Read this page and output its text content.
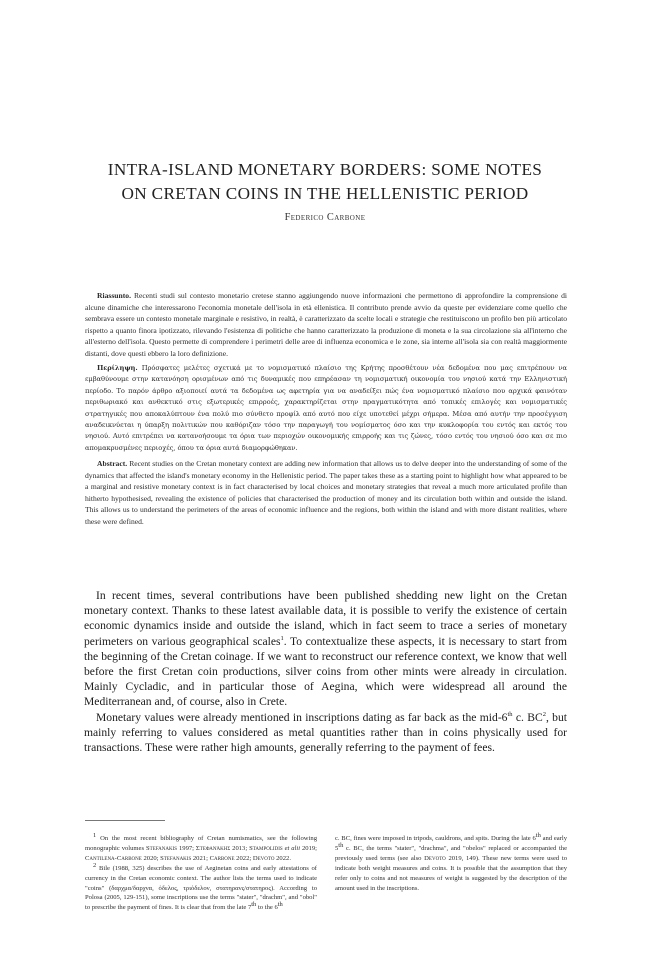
INTRA-ISLAND MONETARY BORDERS: SOME NOTES
ON CRETAN COINS IN THE HELLENISTIC PERIOD
Federico Carbone

Riassunto. Recenti studi sul contesto monetario cretese stanno aggiungendo nuove informazioni che permettono di approfondire la comprensione di alcune dinamiche che interessarono l'economia monetale dell'isola in età ellenistica. Il contributo prende avvio da queste per evidenziare come quello che sembrava essere un contesto monetale marginale e resistivo, in realtà, è caratterizzato da scelte locali e strategie che restituiscono un profilo ben più articolato rispetto a quanto finora ipotizzato, rilevando l'esistenza di politiche che hanno caratterizzato la produzione di moneta e la sua circolazione sia all'interno che all'esterno dell'isola. Questo permette di comprendere i perimetri delle aree di influenza economica e le zone, sia interne all'isola sia con realtà maggiormente distanti, dove questi ebbero la loro definizione.

Περίληψη. Πρόσφατες μελέτες σχετικά με το νομισματικό πλαίσιο της Κρήτης προσθέτουν νέα δεδομένα που μας επιτρέπουν να εμβαθύνουμε στην κατανόηση ορισμένων από τις δυναμικές που επηρέασαν τη νομισματική οικονομία του νησιού κατά την Ελληνιστική περίοδο. Το παρόν άρθρο αξιοποιεί αυτά τα δεδομένα ως αφετηρία για να αναδείξει πώς ένα νομισματικό πλαίσιο που αρχικά φαινόταν περιθωριακό και ανθεκτικό στις εξωτερικές επιρροές, χαρακτηρίζεται στην πραγματικότητα από τοπικές επιλογές και νομισματικές στρατηγικές που αποκαλύπτουν ένα πολύ πιο σύνθετο προφίλ από αυτό που είχε υποτεθεί μέχρι σήμερα. Μέσα από αυτήν την προσέγγιση αναδεικνύεται η ύπαρξη πολιτικών που καθόριζαν τόσο την παραγωγή του νομίσματος όσο και την κυκλοφορία του εντός και εκτός του νησιού. Αυτό επιτρέπει να κατανοήσουμε τα όρια των περιοχών οικονομικής επιρροής και τις ζώνες, τόσο εντός του νησιού όσο και σε πιο απομακρυσμένες περιοχές, όπου τα όρια αυτά διαμορφώθηκαν.

Abstract. Recent studies on the Cretan monetary context are adding new information that allows us to delve deeper into the understanding of some of the dynamics that affected the island's monetary economy in the Hellenistic period. The paper takes these as a starting point to highlight how what appeared to be a marginal and resistive monetary context is in fact characterised by local choices and monetary strategies that reveal a much more articulated profile than hitherto hypothesised, revealing the existence of policies that characterised the production of money and its circulation both within and outside the island. This allows us to understand the perimeters of the areas of economic influence and the regions, both within the island and with more distant realities, where these were defined.

In recent times, several contributions have been published shedding new light on the Cretan monetary context. Thanks to these latest available data, it is possible to verify the existence of certain economic dynamics inside and outside the island, which in fact seem to trace a series of monetary perimeters on various geographical scales$^1$. To contextualize these aspects, it is necessary to start from the beginning of the Cretan coinage. If we want to reconstruct our reference context, we know that well before the first Cretan coin productions, silver coins from other mints were already in circulation. Mainly Cycladic, and in particular those of Aegina, which were widespread all around the Mediterranean and, of course, also in Crete.

Monetary values were already mentioned in inscriptions dating as far back as the mid-6th c. $BC^2$, but mainly referring to values considered as metal quantities rather than in coins physically used for transactions. These were rather high amounts, generally referring to the payment of fees.

$^1$ On the most recent bibliography of Cretan numismatics, see the following monographic volumes Stefanakis 1997; Στεφανάκης 2013; Stampolidis et alii 2019; Cantilena-Carbone 2020; Stefanakis 2021; Carbone 2022; Devoto 2022.

$^2$ Bile (1988, 325) describes the use of Aeginetan coins and early attestations of currency in the Cretan economic context. The author lists the terms used to indicate "coins" (δαρχμα/δαρχνα, ὀδελος, τριὀδελον, στατηρανς/στατηρος). According to Polosa (2005, 129-151), some inscriptions use the terms "stater", "drachm", and "obol" to prescribe the payment of fines. It is clear that from the late 7th to the 6th

c. BC, fines were imposed in tripods, cauldrons, and spits. During the late 6th and early 5th c. BC, the terms "stater", "drachma", and "obelos" replaced or accompanied the previously used terms (see also Devoto 2019, 149). These new terms were used to indicate both weight measures and coins. It is possible that the assumption that they refer only to coins and not measures of weight is suggested by the description of the amount used in the inscriptions.
